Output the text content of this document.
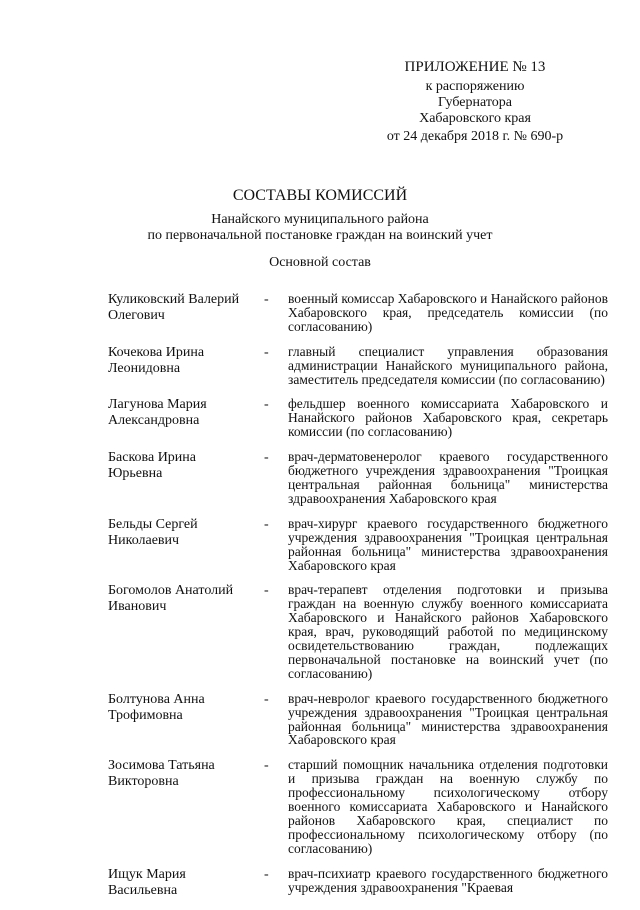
ПРИЛОЖЕНИЕ № 13
к распоряжению
Губернатора
Хабаровского края
от 24 декабря 2018 г. № 690-р
СОСТАВЫ КОМИССИЙ
Нанайского муниципального района
по первоначальной постановке граждан на воинский учет
Основной состав
Куликовский Валерий
Олегович
-	военный комиссар Хабаровского и Нанайского районов Хабаровского края, председатель комиссии (по согласованию)
Кочекова Ирина
Леонидовна
-	главный специалист управления образования администрации Нанайского муниципального района, заместитель председателя комиссии (по согласованию)
Лагунова Мария
Александровна
-	фельдшер военного комиссариата Хабаровского и Нанайского районов Хабаровского края, секретарь комиссии (по согласованию)
Баскова Ирина
Юрьевна
-	врач-дерматовенеролог краевого государственного бюджетного учреждения здравоохранения "Троицкая центральная районная больница" министерства здравоохранения Хабаровского края
Бельды Сергей
Николаевич
-	врач-хирург краевого государственного бюджетного учреждения здравоохранения "Троицкая центральная районная больница" министерства здравоохранения Хабаровского края
Богомолов Анатолий
Иванович
-	врач-терапевт отделения подготовки и призыва граждан на военную службу военного комиссариата Хабаровского и Нанайского районов Хабаровского края, врач, руководящий работой по медицинскому освидетельствованию граждан, подлежащих первоначальной постановке на воинский учет (по согласованию)
Болтунова Анна
Трофимовна
-	врач-невролог краевого государственного бюджетного учреждения здравоохранения "Троицкая центральная районная больница" министерства здравоохранения Хабаровского края
Зосимова Татьяна
Викторовна
-	старший помощник начальника отделения подготовки и призыва граждан на военную службу по профессиональному психологическому отбору военного комиссариата Хабаровского и Нанайского районов Хабаровского края, специалист по профессиональному психологическому отбору (по согласованию)
Ищук Мария
Васильевна
-	врач-психиатр краевого государственного бюджетного учреждения здравоохранения "Краевая
